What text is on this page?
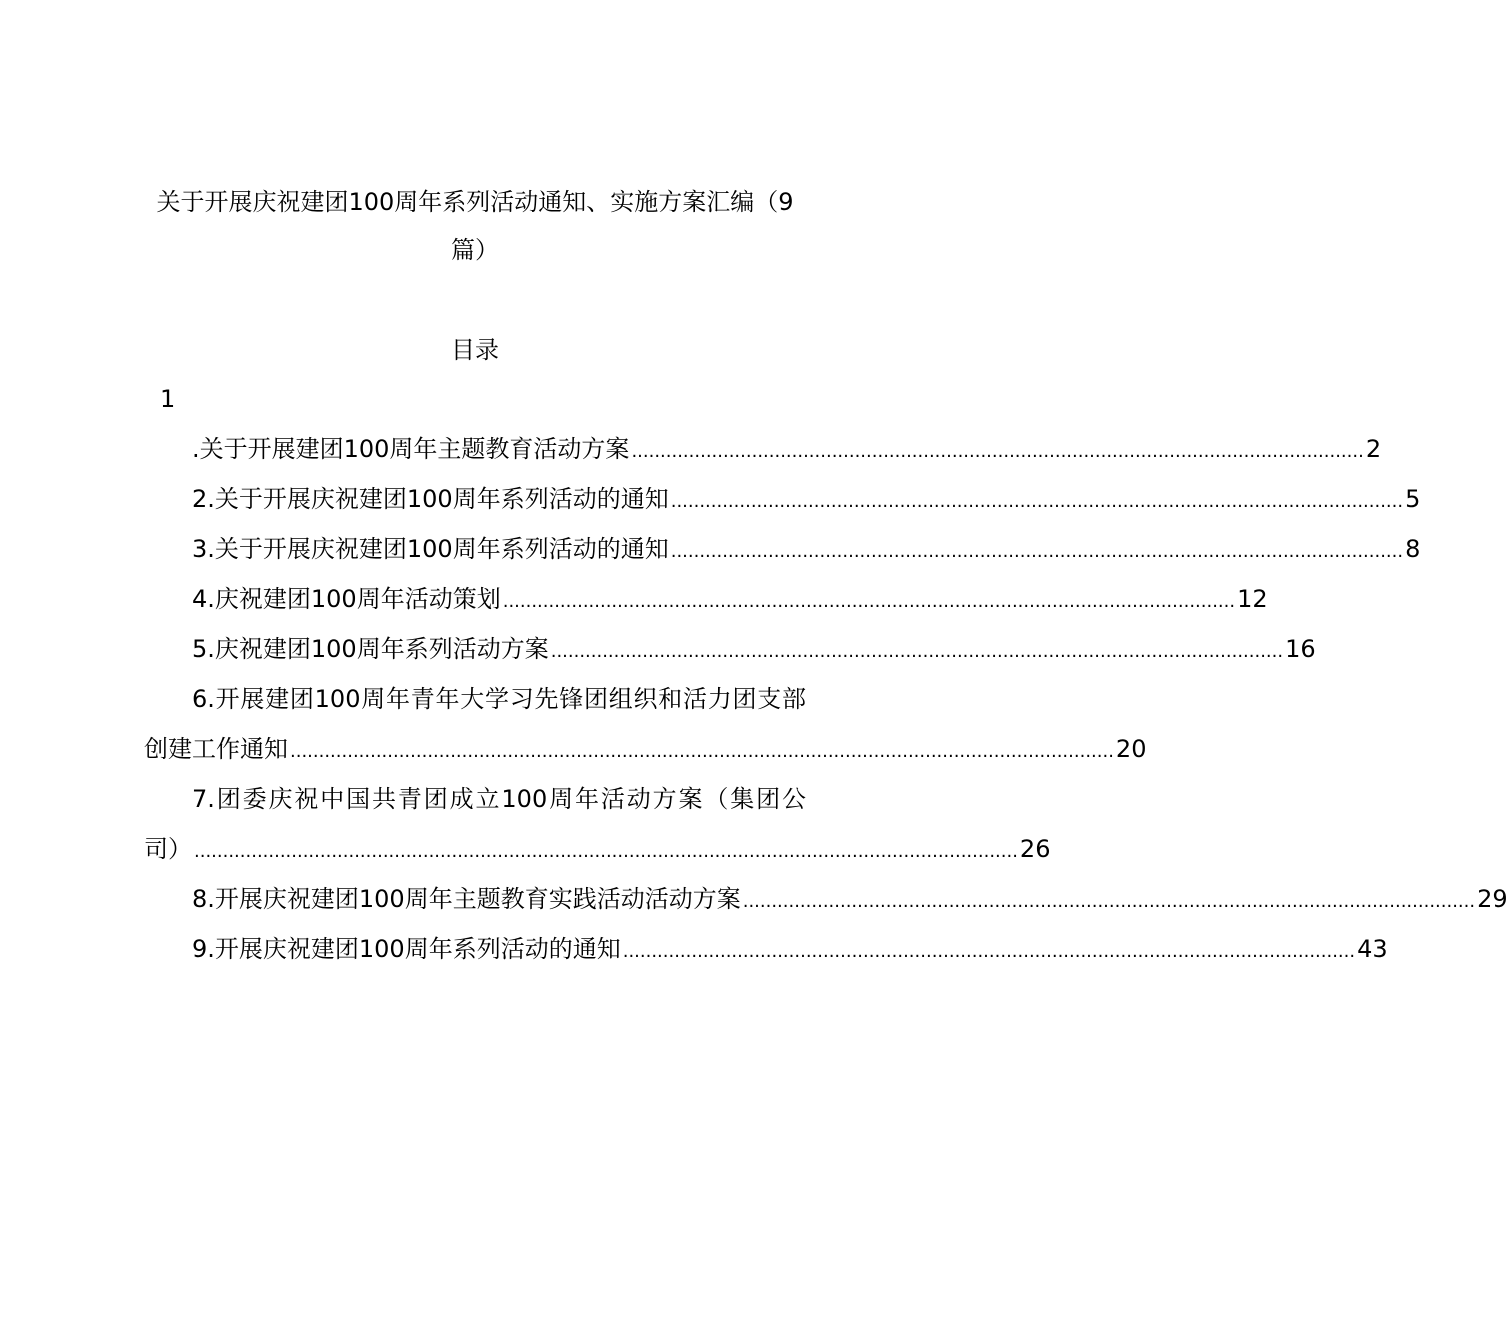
关于开展庆祝建团100周年系列活动通知、实施方案汇编（9
篇）
目录
1
.关于开展建团100周年主题教育活动方案 ................................................................................................................................ 2
2.关于开展庆祝建团100周年系列活动的通知 ................................................................................................................................ 5
3.关于开展庆祝建团100周年系列活动的通知 ................................................................................................................................ 8
4.庆祝建团100周年活动策划 ................................................................................................................................ 12
5.庆祝建团100周年系列活动方案 ................................................................................................................................ 16
6.开展建团100周年青年大学习先锋团组织和活力团支部
创建工作通知 ................................................................................................................................................ 20
7.团委庆祝中国共青团成立100周年活动方案（集团公
司） ................................................................................................................................................ 26
8.开展庆祝建团100周年主题教育实践活动活动方案 ................................................................................................................................ 29
9.开展庆祝建团100周年系列活动的通知 ................................................................................................................................ 43
